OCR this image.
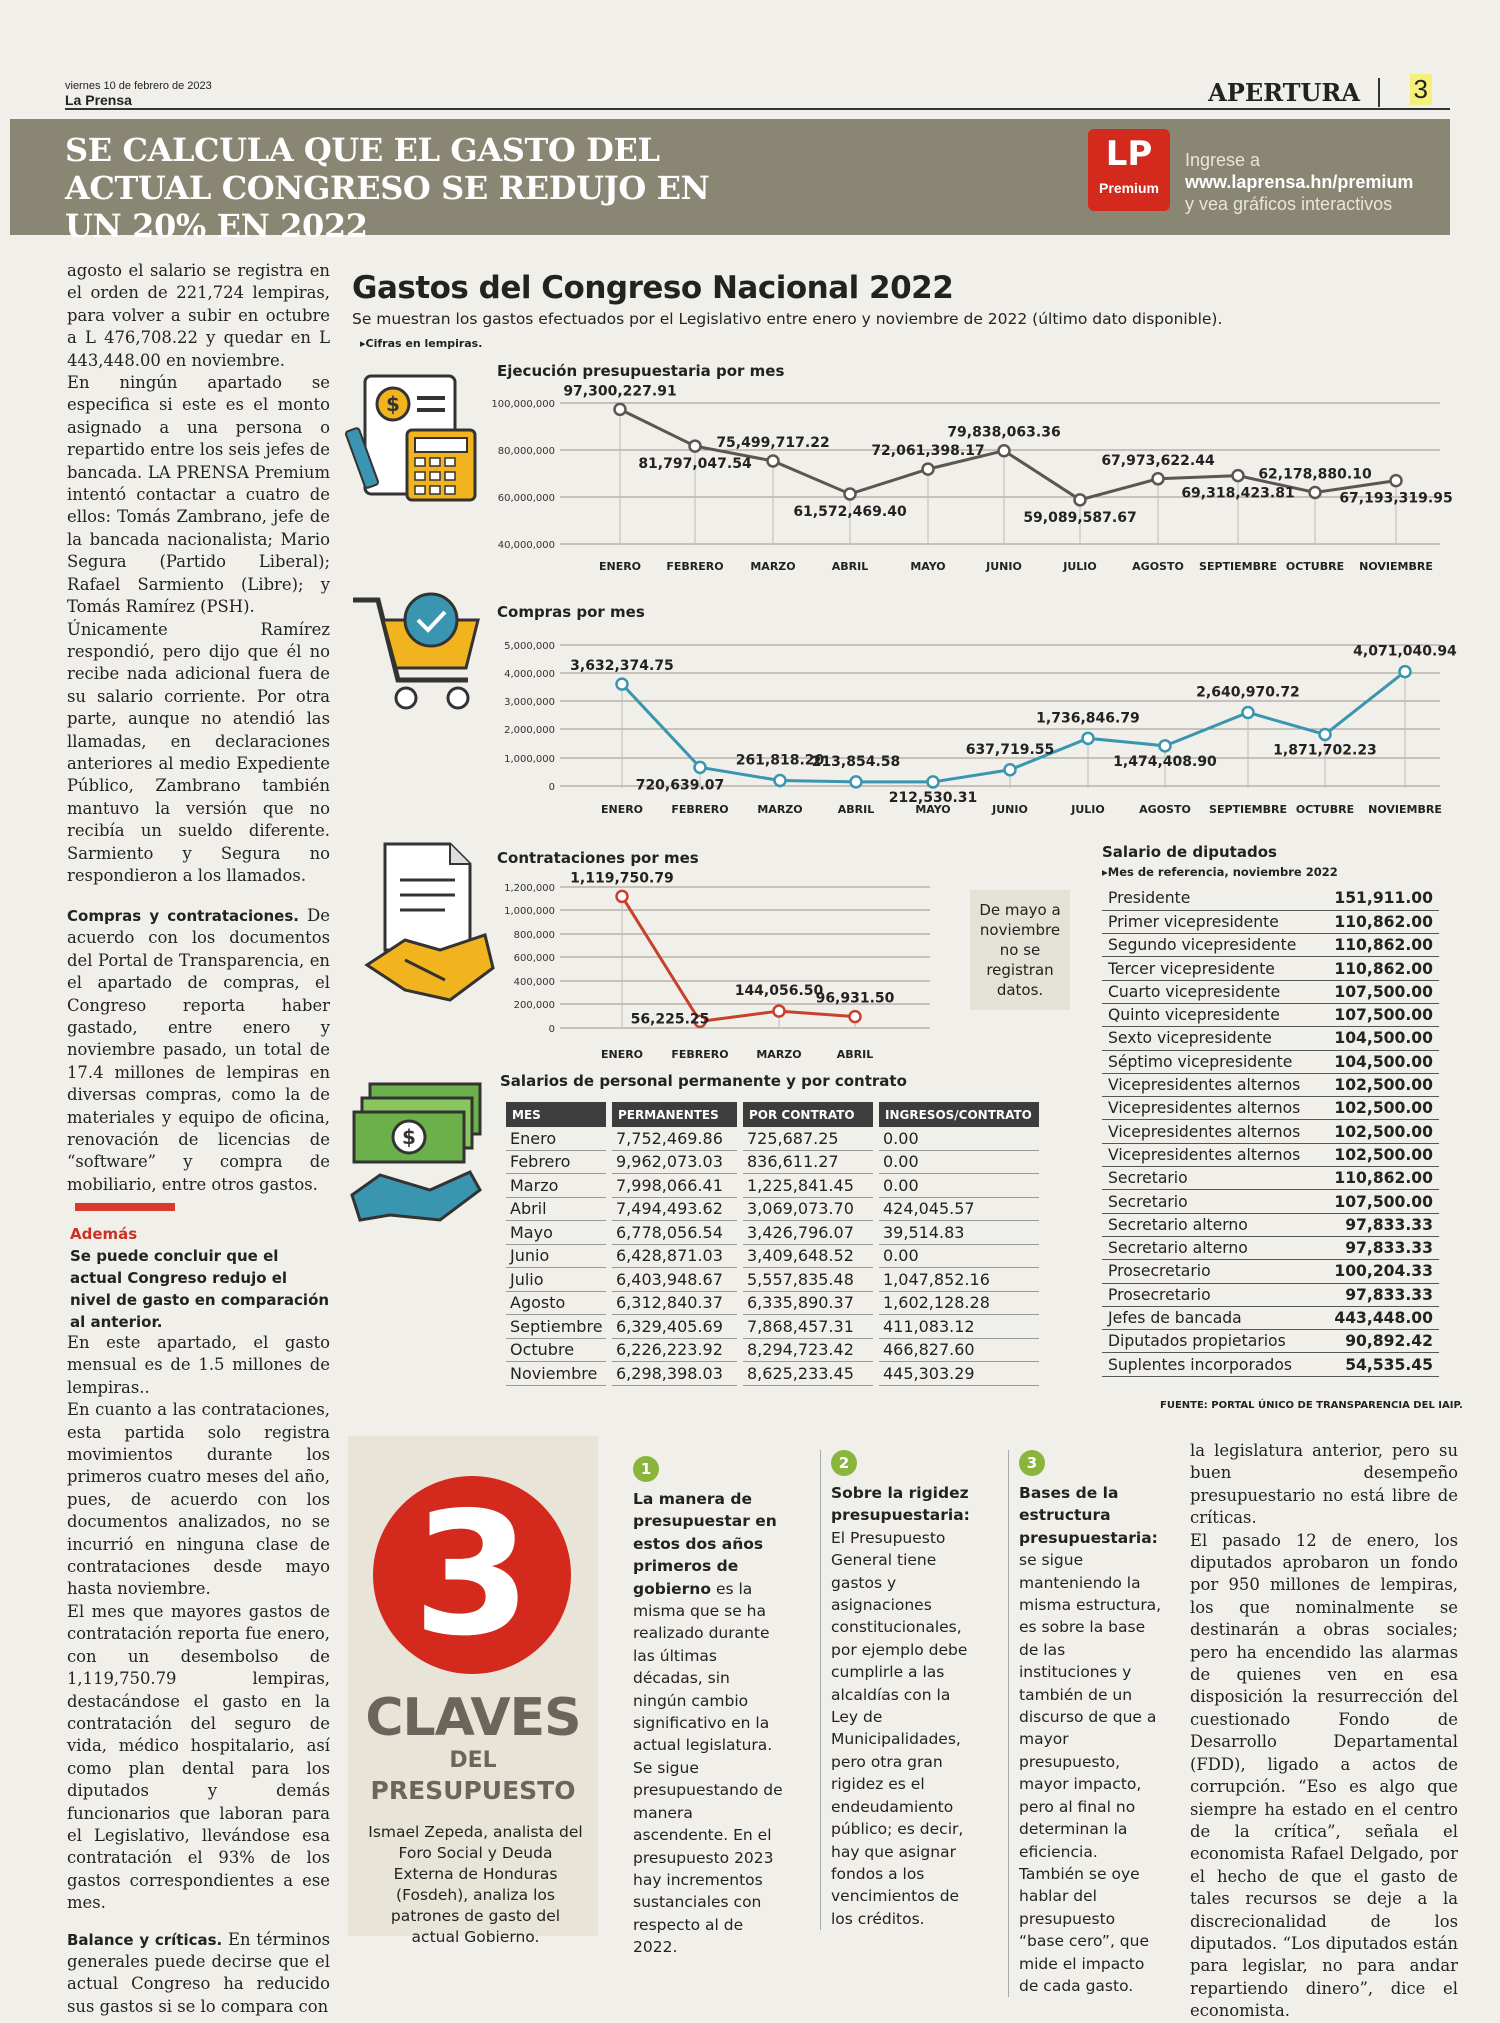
viernes 10 de febrero de 2023
La Prensa	APERTURA	3
SE CALCULA QUE EL GASTO DEL ACTUAL CONGRESO SE REDUJO EN UN 20% EN 2022
LP
Premium
Ingrese a
www.laprensa.hn/premium
y vea gráficos interactivos

agosto el salario se registra en el orden de 221,724 lempiras, para volver a subir en octubre a L 476,708.22 y quedar en L 443,448.00 en noviembre.

En ningún apartado se especifica si este es el monto asignado a una persona o repartido entre los seis jefes de bancada. LA PRENSA Premium intentó contactar a cuatro de ellos: Tomás Zambrano, jefe de la bancada nacionalista; Mario Segura (Partido Liberal); Rafael Sarmiento (Libre); y Tomás Ramírez (PSH).

Únicamente Ramírez respondió, pero dijo que él no recibe nada adicional fuera de su salario corriente. Por otra parte, aunque no atendió las llamadas, en declaraciones anteriores al medio Expediente Público, Zambrano también mantuvo la versión que no recibía un sueldo diferente. Sarmiento y Segura no respondieron a los llamados.

Compras y contrataciones. De acuerdo con los documentos del Portal de Transparencia, en el apartado de compras, el Congreso reporta haber gastado, entre enero y noviembre pasado, un total de 17.4 millones de lempiras en diversas compras, como la de materiales y equipo de oficina, renovación de licencias de “software” y compra de mobiliario, entre otros gastos.

Además
Se puede concluir que el actual Congreso redujo el nivel de gasto en comparación al anterior.

En este apartado, el gasto mensual es de 1.5 millones de lempiras..

En cuanto a las contrataciones, esta partida solo registra movimientos durante los primeros cuatro meses del año, pues, de acuerdo con los documentos analizados, no se incurrió en ninguna clase de contrataciones desde mayo hasta noviembre.

El mes que mayores gastos de contratación reporta fue enero, con un desembolso de 1,119,750.79 lempiras, destacándose el gasto en la contratación del seguro de vida, médico hospitalario, así como plan dental para los diputados y demás funcionarios que laboran para el Legislativo, llevándose esa contratación el 93% de los gastos correspondientes a ese mes.

Balance y críticas. En términos generales puede decirse que el actual Congreso ha reducido sus gastos si se lo compara con

Gastos del Congreso Nacional 2022
Se muestran los gastos efectuados por el Legislativo entre enero y noviembre de 2022 (último dato disponible).
▸Cifras en lempiras.
$
$
Ejecución presupuestaria por mes
100,000,000
80,000,000
60,000,000
40,000,000
97,300,227.91
ENERO
81,797,047.54
FEBRERO
75,499,717.22
MARZO
61,572,469.40
ABRIL
72,061,398.17
MAYO
79,838,063.36
JUNIO
59,089,587.67
JULIO
67,973,622.44
AGOSTO
69,318,423.81
SEPTIEMBRE
62,178,880.10
OCTUBRE
67,193,319.95
NOVIEMBRE
Compras por mes
5,000,000
4,000,000
3,000,000
2,000,000
1,000,000
0
3,632,374.75
ENERO
720,639.07
FEBRERO
261,818.20
MARZO
213,854.58
ABRIL
212,530.31
MAYO
637,719.55
JUNIO
1,736,846.79
JULIO
1,474,408.90
AGOSTO
2,640,970.72
SEPTIEMBRE
1,871,702.23
OCTUBRE
4,071,040.94
NOVIEMBRE
Contrataciones por mes
1,200,000
1,000,000
800,000
600,000
400,000
200,000
0
1,119,750.79
ENERO
56,225.25
FEBRERO
144,056.50
MARZO
96,931.50
ABRIL
De mayo a noviembre no se registran datos.
Salarios de personal permanente y por contrato
MES	PERMANENTES	POR CONTRATO	INGRESOS/CONTRATO
Enero	7,752,469.86	725,687.25	0.00
Febrero	9,962,073.03	836,611.27	0.00
Marzo	7,998,066.41	1,225,841.45	0.00
Abril	7,494,493.62	3,069,073.70	424,045.57
Mayo	6,778,056.54	3,426,796.07	39,514.83
Junio	6,428,871.03	3,409,648.52	0.00
Julio	6,403,948.67	5,557,835.48	1,047,852.16
Agosto	6,312,840.37	6,335,890.37	1,602,128.28
Septiembre	6,329,405.69	7,868,457.31	411,083.12
Octubre	6,226,223.92	8,294,723.42	466,827.60
Noviembre	6,298,398.03	8,625,233.45	445,303.29
Salario de diputados
▸Mes de referencia, noviembre 2022
Presidente	151,911.00
Primer vicepresidente	110,862.00
Segundo vicepresidente	110,862.00
Tercer vicepresidente	110,862.00
Cuarto vicepresidente	107,500.00
Quinto vicepresidente	107,500.00
Sexto vicepresidente	104,500.00
Séptimo vicepresidente	104,500.00
Vicepresidentes alternos	102,500.00
Vicepresidentes alternos	102,500.00
Vicepresidentes alternos	102,500.00
Vicepresidentes alternos	102,500.00
Secretario	110,862.00
Secretario	107,500.00
Secretario alterno	97,833.33
Secretario alterno	97,833.33
Prosecretario	100,204.33
Prosecretario	97,833.33
Jefes de bancada	443,448.00
Diputados propietarios	90,892.42
Suplentes incorporados	54,535.45
FUENTE: PORTAL ÚNICO DE TRANSPARENCIA DEL IAIP.
3
CLAVES
DEL
PRESUPUESTO
Ismael Zepeda, analista del Foro Social y Deuda Externa de Honduras (Fosdeh), analiza los patrones de gasto del actual Gobierno.
1
La manera de presupuestar en estos dos años primeros de gobierno es la misma que se ha realizado durante las últimas décadas, sin ningún cambio significativo en la actual legislatura. Se sigue presupuestando de manera ascendente. En el presupuesto 2023 hay incrementos sustanciales con respecto al de 2022.
2
Sobre la rigidez presupuestaria: El Presupuesto General tiene gastos y asignaciones constitucionales, por ejemplo debe cumplirle a las alcaldías con la Ley de Municipalidades, pero otra gran rigidez es el endeudamiento público; es decir, hay que asignar fondos a los vencimientos de los créditos.
3
Bases de la estructura presupuestaria: se sigue manteniendo la misma estructura, es sobre la base de las instituciones y también de un discurso de que a mayor presupuesto, mayor impacto, pero al final no determinan la eficiencia. También se oye hablar del presupuesto “base cero”, que mide el impacto de cada gasto.

la legislatura anterior, pero su buen desempeño presupuestario no está libre de críticas.

El pasado 12 de enero, los diputados aprobaron un fondo por 950 millones de lempiras, los que nominalmente se destinarán a obras sociales; pero ha encendido las alarmas de quienes ven en esa disposición la resurrección del cuestionado Fondo de Desarrollo Departamental (FDD), ligado a actos de corrupción. “Eso es algo que siempre ha estado en el centro de la crítica”, señala el economista Rafael Delgado, por el hecho de que el gasto de tales recursos se deje a la discrecionalidad de los diputados. “Los diputados están para legislar, no para andar repartiendo dinero”, dice el economista.
